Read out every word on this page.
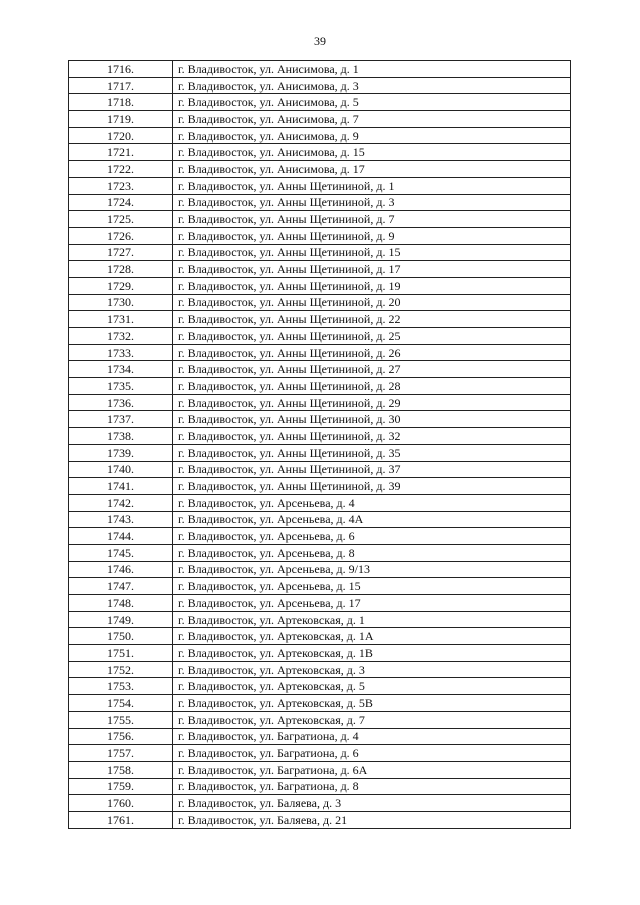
39
1716.	г. Владивосток, ул. Анисимова, д. 1
1717.	г. Владивосток, ул. Анисимова, д. 3
1718.	г. Владивосток, ул. Анисимова, д. 5
1719.	г. Владивосток, ул. Анисимова, д. 7
1720.	г. Владивосток, ул. Анисимова, д. 9
1721.	г. Владивосток, ул. Анисимова, д. 15
1722.	г. Владивосток, ул. Анисимова, д. 17
1723.	г. Владивосток, ул. Анны Щетининой, д. 1
1724.	г. Владивосток, ул. Анны Щетининой, д. 3
1725.	г. Владивосток, ул. Анны Щетининой, д. 7
1726.	г. Владивосток, ул. Анны Щетининой, д. 9
1727.	г. Владивосток, ул. Анны Щетининой, д. 15
1728.	г. Владивосток, ул. Анны Щетининой, д. 17
1729.	г. Владивосток, ул. Анны Щетининой, д. 19
1730.	г. Владивосток, ул. Анны Щетининой, д. 20
1731.	г. Владивосток, ул. Анны Щетининой, д. 22
1732.	г. Владивосток, ул. Анны Щетининой, д. 25
1733.	г. Владивосток, ул. Анны Щетининой, д. 26
1734.	г. Владивосток, ул. Анны Щетининой, д. 27
1735.	г. Владивосток, ул. Анны Щетининой, д. 28
1736.	г. Владивосток, ул. Анны Щетининой, д. 29
1737.	г. Владивосток, ул. Анны Щетининой, д. 30
1738.	г. Владивосток, ул. Анны Щетининой, д. 32
1739.	г. Владивосток, ул. Анны Щетининой, д. 35
1740.	г. Владивосток, ул. Анны Щетининой, д. 37
1741.	г. Владивосток, ул. Анны Щетининой, д. 39
1742.	г. Владивосток, ул. Арсеньева, д. 4
1743.	г. Владивосток, ул. Арсеньева, д. 4А
1744.	г. Владивосток, ул. Арсеньева, д. 6
1745.	г. Владивосток, ул. Арсеньева, д. 8
1746.	г. Владивосток, ул. Арсеньева, д. 9/13
1747.	г. Владивосток, ул. Арсеньева, д. 15
1748.	г. Владивосток, ул. Арсеньева, д. 17
1749.	г. Владивосток, ул. Артековская, д. 1
1750.	г. Владивосток, ул. Артековская, д. 1А
1751.	г. Владивосток, ул. Артековская, д. 1В
1752.	г. Владивосток, ул. Артековская, д. 3
1753.	г. Владивосток, ул. Артековская, д. 5
1754.	г. Владивосток, ул. Артековская, д. 5В
1755.	г. Владивосток, ул. Артековская, д. 7
1756.	г. Владивосток, ул. Багратиона, д. 4
1757.	г. Владивосток, ул. Багратиона, д. 6
1758.	г. Владивосток, ул. Багратиона, д. 6А
1759.	г. Владивосток, ул. Багратиона, д. 8
1760.	г. Владивосток, ул. Баляева, д. 3
1761.	г. Владивосток, ул. Баляева, д. 21
